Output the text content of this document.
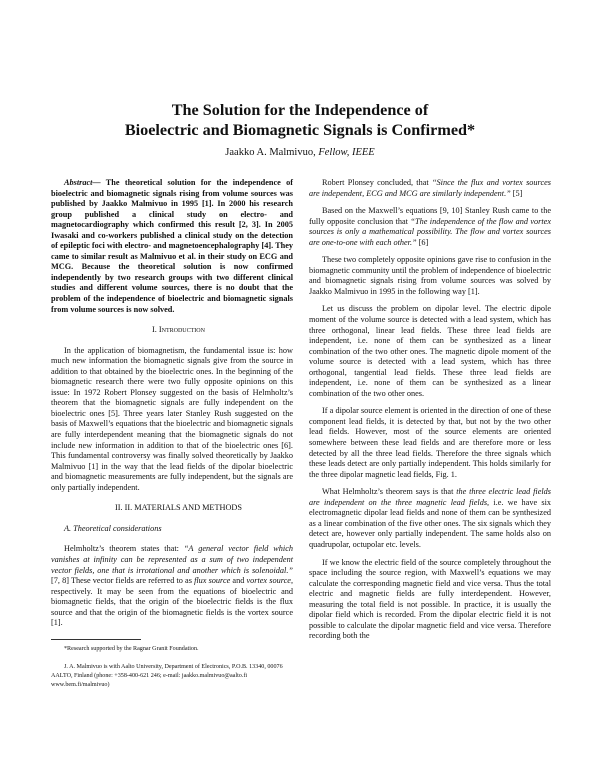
The Solution for the Independence of
Bioelectric and Biomagnetic Signals is Confirmed*
Jaakko A. Malmivuo, Fellow, IEEE

Abstract— The theoretical solution for the independence of bioelectric and biomagnetic signals rising from volume sources was published by Jaakko Malmivuo in 1995 [1]. In 2000 his research group published a clinical study on electro- and magnetocardiography which confirmed this result [2, 3]. In 2005 Iwasaki and co-workers published a clinical study on the detection of epileptic foci with electro- and magnetoencephalography [4]. They came to similar result as Malmivuo et al. in their study on ECG and MCG. Because the theoretical solution is now confirmed independently by two research groups with two different clinical studies and different volume sources, there is no doubt that the problem of the independence of bioelectric and biomagnetic signals from volume sources is now solved.

I. Introduction

In the application of biomagnetism, the fundamental issue is: how much new information the biomagnetic signals give from the source in addition to that obtained by the bioelectric ones. In the beginning of the biomagnetic research there were two fully opposite opinions on this issue: In 1972 Robert Plonsey suggested on the basis of Helmholtz’s theorem that the biomagnetic signals are fully independent on the bioelectric ones [5]. Three years later Stanley Rush suggested on the basis of Maxwell’s equations that the bioelectric and biomagnetic signals are fully interdependent meaning that the biomagnetic signals do not include new information in addition to that of the bioelectric ones [6]. This fundamental controversy was finally solved theoretically by Jaakko Malmivuo [1] in the way that the lead fields of the dipolar bioelectric and biomagnetic measurements are fully independent, but the signals are only partially independent.

II. II. MATERIALS AND METHODS

A. Theoretical considerations

Helmholtz’s theorem states that: “A general vector field which vanishes at infinity can be represented as a sum of two independent vector fields, one that is irrotational and another which is solenoidal.” [7, 8] These vector fields are referred to as flux source and vortex source, respectively. It may be seen from the equations of bioelectric and biomagnetic fields, that the origin of the bioelectric fields is the flux source and that the origin of the biomagnetic fields is the vortex source [1].

*Research supported by the Ragnar Granit Foundation.

J. A. Malmivuo is with Aalto University, Department of Electronics, P.O.B. 13340, 00076 AALTO, Finland (phone: +358-400-621 246; e-mail: jaakko.malmivuo@aalto.fi www.bem.fi/malmivuo)

Robert Plonsey concluded, that “Since the flux and vortex sources are independent, ECG and MCG are similarly independent.” [5]

Based on the Maxwell’s equations [9, 10] Stanley Rush came to the fully opposite conclusion that “The independence of the flow and vortex sources is only a mathematical possibility. The flow and vortex sources are one-to-one with each other.” [6]

These two completely opposite opinions gave rise to confusion in the biomagnetic community until the problem of independence of bioelectric and biomagnetic signals rising from volume sources was solved by Jaakko Malmivuo in 1995 in the following way [1].

Let us discuss the problem on dipolar level. The electric dipole moment of the volume source is detected with a lead system, which has three orthogonal, linear lead fields. These three lead fields are independent, i.e. none of them can be synthesized as a linear combination of the two other ones. The magnetic dipole moment of the volume source is detected with a lead system, which has three orthogonal, tangential lead fields. These three lead fields are independent, i.e. none of them can be synthesized as a linear combination of the two other ones.

If a dipolar source element is oriented in the direction of one of these component lead fields, it is detected by that, but not by the two other lead fields. However, most of the source elements are oriented somewhere between these lead fields and are therefore more or less detected by all the three lead fields. Therefore the three signals which these leads detect are only partially independent. This holds similarly for the three dipolar magnetic lead fields, Fig. 1.

What Helmholtz’s theorem says is that the three electric lead fields are independent on the three magnetic lead fields, i.e. we have six electromagnetic dipolar lead fields and none of them can be synthesized as a linear combination of the five other ones. The six signals which they detect are, however only partially independent. The same holds also on quadrupolar, octupolar etc. levels.

If we know the electric field of the source completely throughout the space including the source region, with Maxwell’s equations we may calculate the corresponding magnetic field and vice versa. Thus the total electric and magnetic fields are fully interdependent. However, measuring the total field is not possible. In practice, it is usually the dipolar field which is recorded. From the dipolar electric field it is not possible to calculate the dipolar magnetic field and vice versa. Therefore recording both the
